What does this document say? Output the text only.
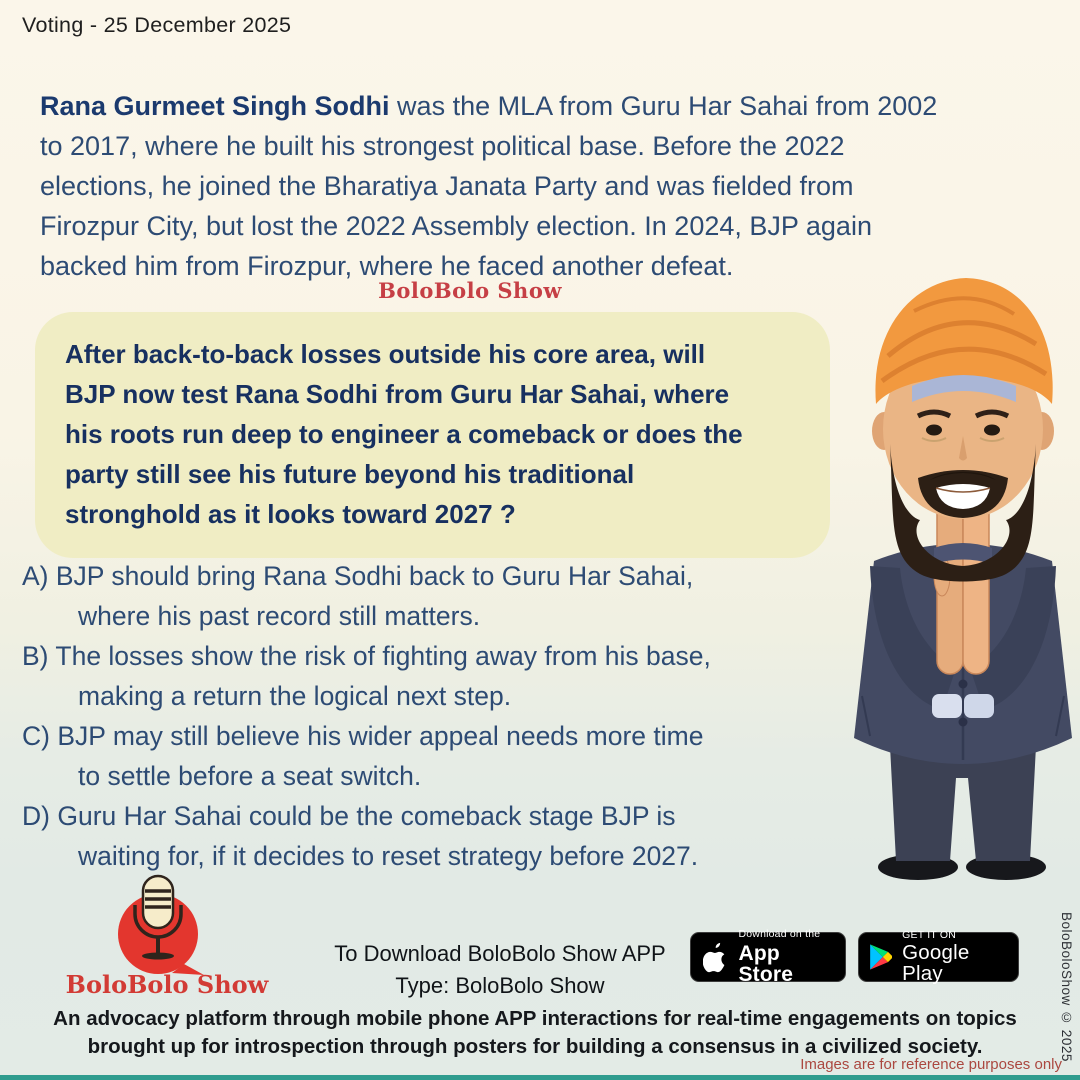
Voting - 25 December 2025
Rana Gurmeet Singh Sodhi was the MLA from Guru Har Sahai from 2002
to 2017, where he built his strongest political base. Before the 2022
elections, he joined the Bharatiya Janata Party and was fielded from
Firozpur City, but lost the 2022 Assembly election. In 2024, BJP again
backed him from Firozpur, where he faced another defeat.
BoloBolo Show
After back-to-back losses outside his core area, will
BJP now test Rana Sodhi from Guru Har Sahai, where
his roots run deep to engineer a comeback or does the
party still see his future beyond his traditional
stronghold as it looks toward 2027 ?
A) BJP should bring Rana Sodhi back to Guru Har Sahai,
where his past record still matters.
B) The losses show the risk of fighting away from his base,
making a return the logical next step.
C) BJP may still believe his wider appeal needs more time
to settle before a seat switch.
D) Guru Har Sahai could be the comeback stage BJP is
waiting for, if it decides to reset strategy before 2027.
BoloBolo Show
To Download BoloBolo Show APP
Type: BoloBolo Show
Download on the
App Store
GET IT ON
Google Play
An advocacy platform through mobile phone APP interactions for real-time engagements on topics
brought up for introspection through posters for building a consensus in a civilized society.	BoloBoloShow © 2025
Images are for reference purposes only
